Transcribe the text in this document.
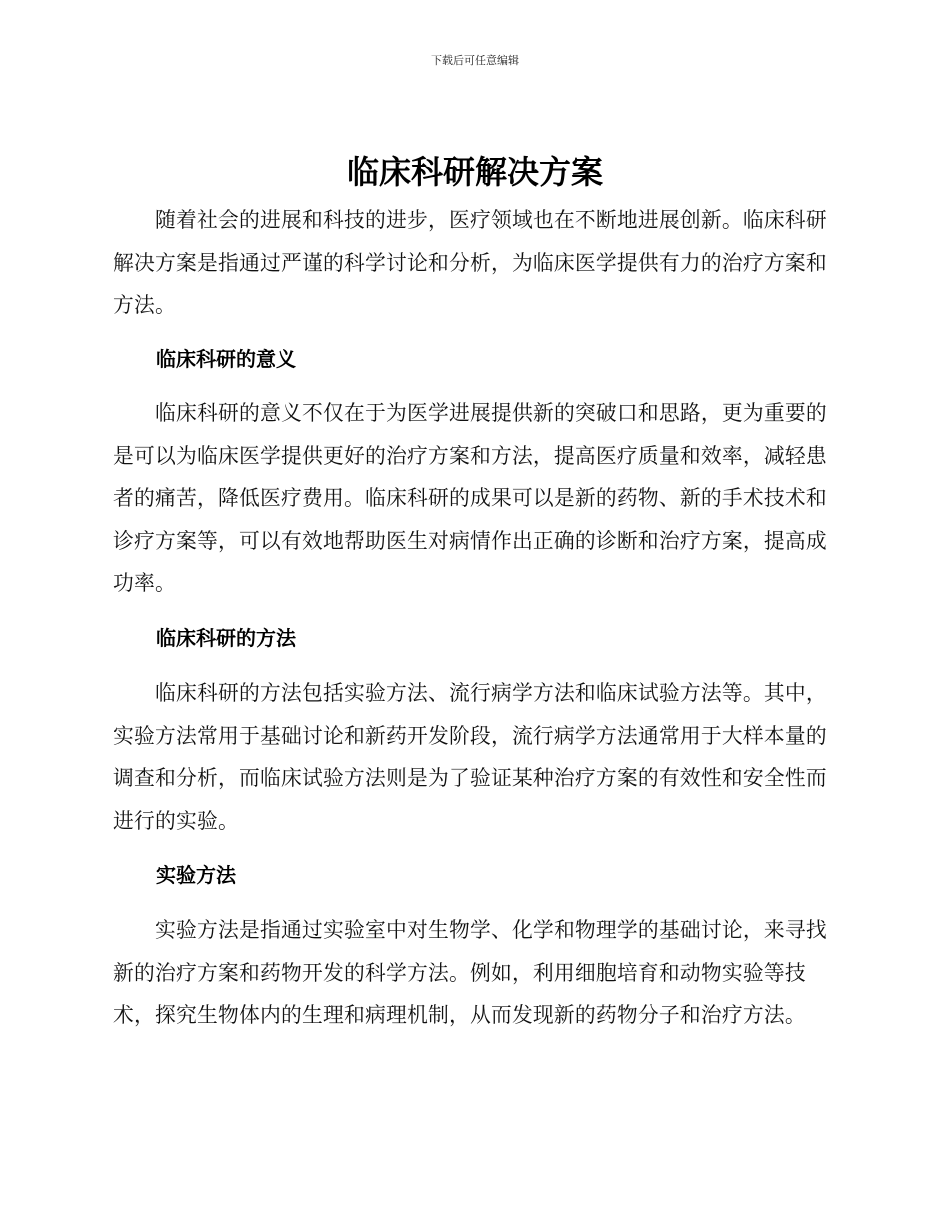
下载后可任意编辑
临床科研解决方案

随着社会的进展和科技的进步，医疗领域也在不断地进展创新。临床科研解决方案是指通过严谨的科学讨论和分析，为临床医学提供有力的治疗方案和方法。

临床科研的意义

临床科研的意义不仅在于为医学进展提供新的突破口和思路，更为重要的是可以为临床医学提供更好的治疗方案和方法，提高医疗质量和效率，减轻患者的痛苦，降低医疗费用。临床科研的成果可以是新的药物、新的手术技术和诊疗方案等，可以有效地帮助医生对病情作出正确的诊断和治疗方案，提高成功率。

临床科研的方法

临床科研的方法包括实验方法、流行病学方法和临床试验方法等。其中，实验方法常用于基础讨论和新药开发阶段，流行病学方法通常用于大样本量的调查和分析，而临床试验方法则是为了验证某种治疗方案的有效性和安全性而进行的实验。

实验方法

实验方法是指通过实验室中对生物学、化学和物理学的基础讨论，来寻找新的治疗方案和药物开发的科学方法。例如，利用细胞培育和动物实验等技术，探究生物体内的生理和病理机制，从而发现新的药物分子和治疗方法。
